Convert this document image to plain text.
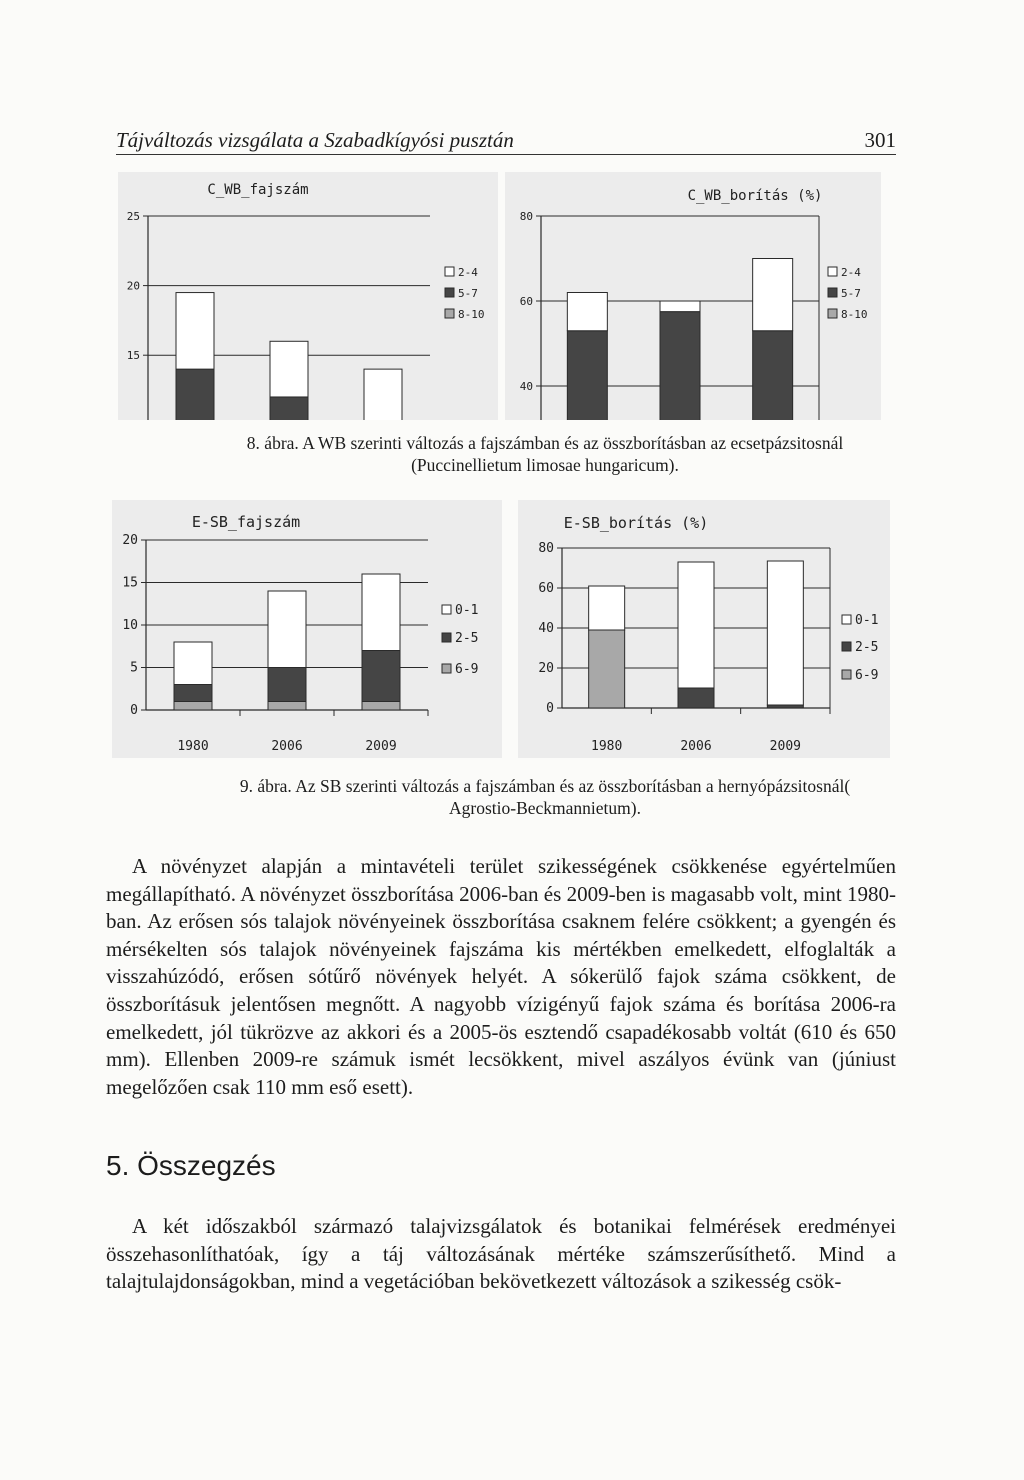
Tájváltozás vizsgálata a Szabadkígyósi pusztán	301
15
20
25
C_WB_fajszám
2-4
5-7
8-10
40
60
80
C_WB_borítás (%)
2-4
5-7
8-10
8. ábra. A WB szerinti változás a fajszámban és az összborításban az ecsetpázsitosnál
(Puccinellietum limosae hungaricum).
0
5
10
15
20
E-SB_fajszám
1980	2006	2009
0-1
2-5
6-9
0
20
40
60
80
E-SB_borítás (%)
1980	2006	2009
0-1
2-5
6-9
9. ábra. Az SB szerinti változás a fajszámban és az összborításban a hernyópázsitosnál(
Agrostio-Beckmannietum).

A növényzet alapján a mintavételi terület szikességének csökkenése egyértelműen megállapítható. A növényzet összborítása 2006-ban és 2009-ben is magasabb volt, mint 1980-ban. Az erősen sós talajok növényeinek összborítása csaknem felére csökkent; a gyengén és mérsékelten sós talajok növényeinek fajszáma kis mértékben emelkedett, elfoglalták a visszahúzódó, erősen sótűrő növények helyét. A sókerülő fajok száma csökkent, de összborításuk jelentősen megnőtt. A nagyobb vízigényű fajok száma és borítása 2006-ra emelkedett, jól tükrözve az akkori és a 2005-ös esztendő csapadékosabb voltát (610 és 650 mm). Ellenben 2009-re számuk ismét lecsökkent, mivel aszályos évünk van (júniust megelőzően csak 110 mm eső esett).

5. Összegzés

A két időszakból származó talajvizsgálatok és botanikai felmérések eredményei összehasonlíthatóak, így a táj változásának mértéke számszerűsíthető. Mind a talajtulajdonságokban, mind a vegetációban bekövetkezett változások a szikesség csök-
